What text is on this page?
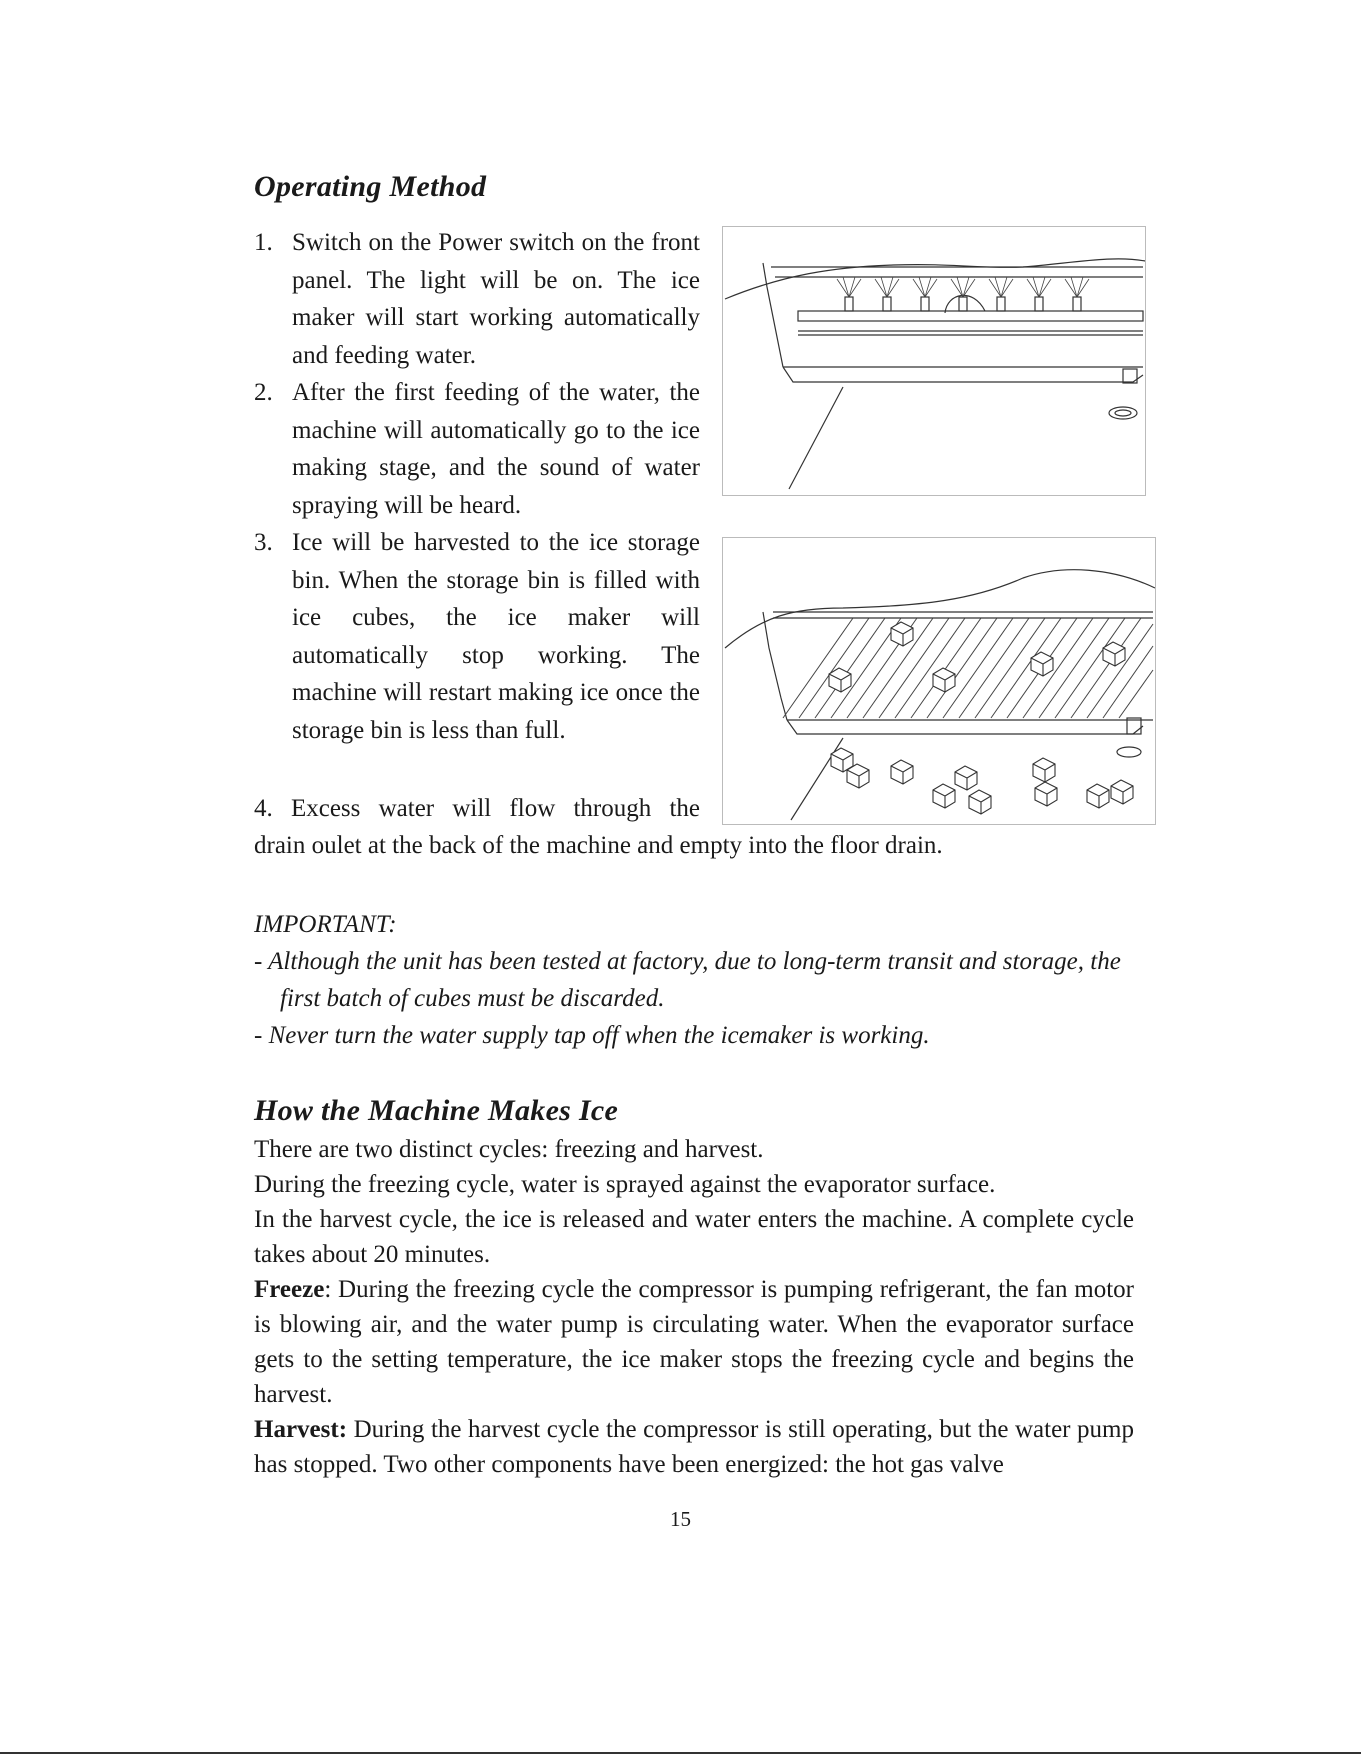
Operating Method
1. Switch on the Power switch on the front panel. The light will be on. The ice maker will start working automatically and feeding water.
2. After the first feeding of the water, the machine will automatically go to the ice making stage, and the sound of water spraying will be heard.
3. Ice will be harvested to the ice storage bin. When the storage bin is filled with ice cubes, the ice maker will automatically stop working. The machine will restart making ice once the storage bin is less than full.
4. Excess water will flow through the
drain oulet at the back of the machine and empty into the floor drain.
IMPORTANT:
- Although the unit has been tested at factory, due to long-term transit and storage, the first batch of cubes must be discarded.
- Never turn the water supply tap off when the icemaker is working.
How the Machine Makes Ice

There are two distinct cycles: freezing and harvest.

During the freezing cycle, water is sprayed against the evaporator surface.

In the harvest cycle, the ice is released and water enters the machine. A complete cycle takes about 20 minutes.

Freeze: During the freezing cycle the compressor is pumping refrigerant, the fan motor is blowing air, and the water pump is circulating water. When the evaporator surface gets to the setting temperature, the ice maker stops the freezing cycle and begins the harvest.

Harvest: During the harvest cycle the compressor is still operating, but the water pump has stopped. Two other components have been energized: the hot gas valve

15
